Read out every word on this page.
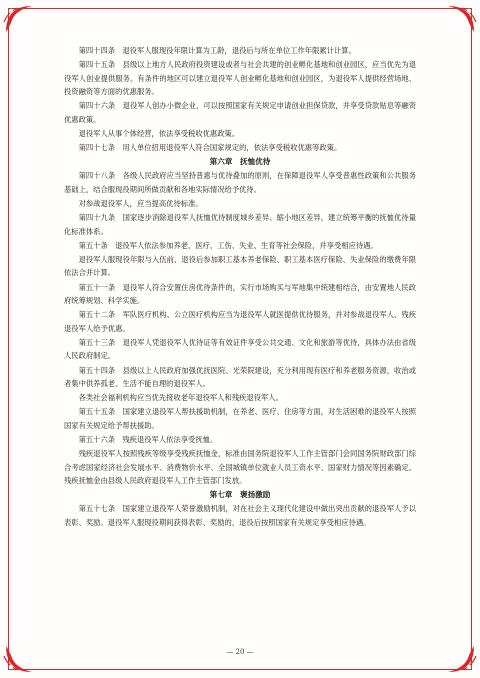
第四十四条　 退役军人服现役年限计算为工龄，退役后与所在单位工作年限累计计算。

第四十五条　 县级以上地方人民政府投资建设或者与社会共建的创业孵化基地和创业园区，应当优先为退役军人创业提供服务。有条件的地区可以建立退役军人创业孵化基地和创业园区，为退役军人提供经营场地、投资融资等方面的优惠服务。

第四十六条　 退役军人创办小微企业，可以按照国家有关规定申请创业担保贷款，并享受贷款贴息等融资优惠政策。

退役军人从事个体经营，依法享受税收优惠政策。

第四十七条　 用人单位招用退役军人符合国家规定的，依法享受税收优惠等政策。

第六章　抚恤优待

第四十八条　 各级人民政府应当坚持普惠与优待叠加的原则，在保障退役军人享受普惠性政策和公共服务基础上，结合服现役期间所做贡献和各地实际情况给予优待。

对参战退役军人，应当提高优待标准。

第四十九条　 国家逐步消除退役军人抚恤优待制度城乡差异、缩小地区差异，建立统筹平衡的抚恤优待量化标准体系。

第五十条　 退役军人依法参加养老、医疗、工伤、失业、生育等社会保险，并享受相应待遇。

退役军人服现役年限与入伍前、退役后参加职工基本养老保险、职工基本医疗保险、失业保险的缴费年限依法合并计算。

第五十一条　 退役军人符合安置住房优待条件的，实行市场购买与军地集中统建相结合，由安置地人民政府统筹规划、科学实施。

第五十二条　 军队医疗机构、公立医疗机构应当为退役军人就医提供优待服务，并对参战退役军人、残疾退役军人给予优惠。

第五十三条　 退役军人凭退役军人优待证等有效证件享受公共交通、文化和旅游等优待，具体办法由省级人民政府制定。

第五十四条　 县级以上人民政府加强优抚医院、光荣院建设，充分利用现有医疗和养老服务资源，收治或者集中供养孤老、生活不能自理的退役军人。

各类社会福利机构应当优先接收老年退役军人和残疾退役军人。

第五十五条　 国家建立退役军人帮扶援助机制，在养老、医疗、住房等方面，对生活困难的退役军人按照国家有关规定给予帮扶援助。

第五十六条　 残疾退役军人依法享受抚恤。

残疾退役军人按照残疾等级享受残疾抚恤金，标准由国务院退役军人工作主管部门会同国务院财政部门综合考虑国家经济社会发展水平、消费物价水平、全国城镇单位就业人员工资水平、国家财力情况等因素确定。残疾抚恤金由县级人民政府退役军人工作主管部门发放。

第七章　褒扬激励

第五十七条　 国家建立退役军人荣誉激励机制，对在社会主义现代化建设中做出突出贡献的退役军人予以表彰、奖励。退役军人服现役期间获得表彰、奖励的，退役后按照国家有关规定享受相应待遇。

— 20 —
